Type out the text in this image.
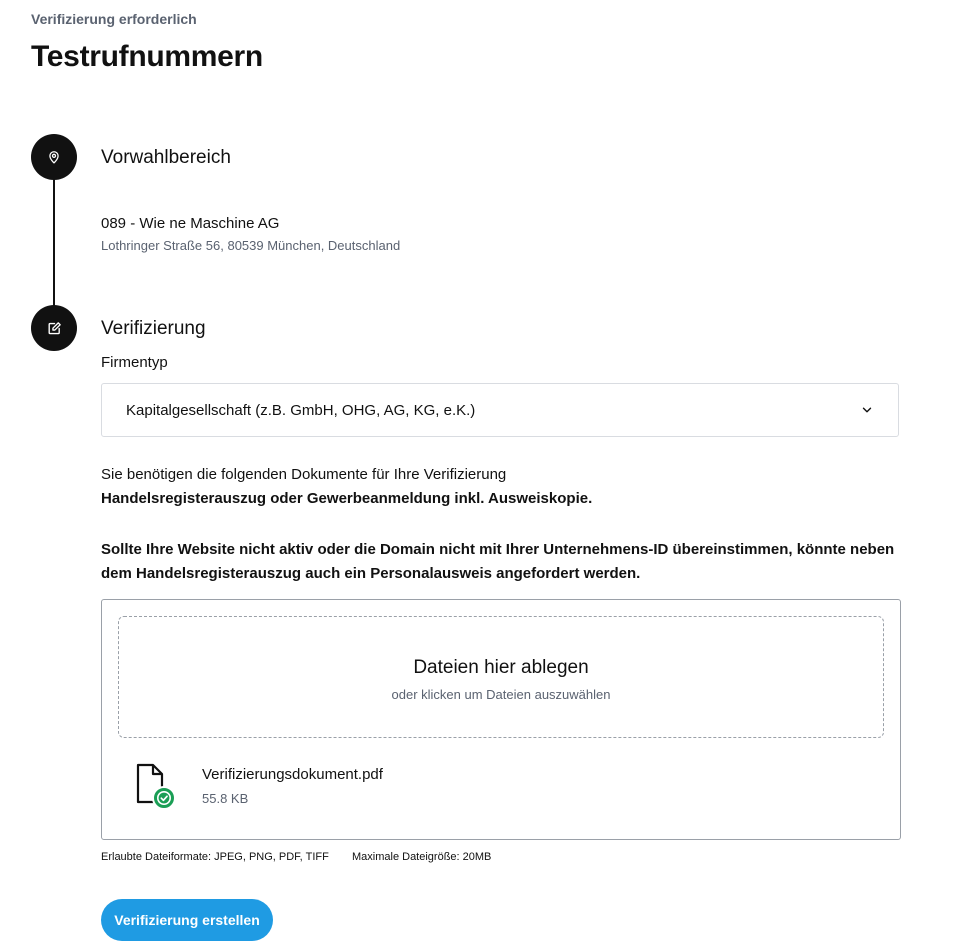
Verifizierung erforderlich
Testrufnummern
Vorwahlbereich
089 - Wie ne Maschine AG
Lothringer Straße 56, 80539 München, Deutschland
Verifizierung
Firmentyp
Kapitalgesellschaft (z.B. GmbH, OHG, AG, KG, e.K.)
Sie benötigen die folgenden Dokumente für Ihre Verifizierung
Handelsregisterauszug oder Gewerbeanmeldung inkl. Ausweiskopie.
Sollte Ihre Website nicht aktiv oder die Domain nicht mit Ihrer Unternehmens-ID übereinstimmen, könnte neben dem Handelsregisterauszug auch ein Personalausweis angefordert werden.
Dateien hier ablegen
oder klicken um Dateien auszuwählen
Verifizierungsdokument.pdf
55.8 KB
Erlaubte Dateiformate: JPEG, PNG, PDF, TIFF Maximale Dateigröße: 20MB
Verifizierung erstellen
